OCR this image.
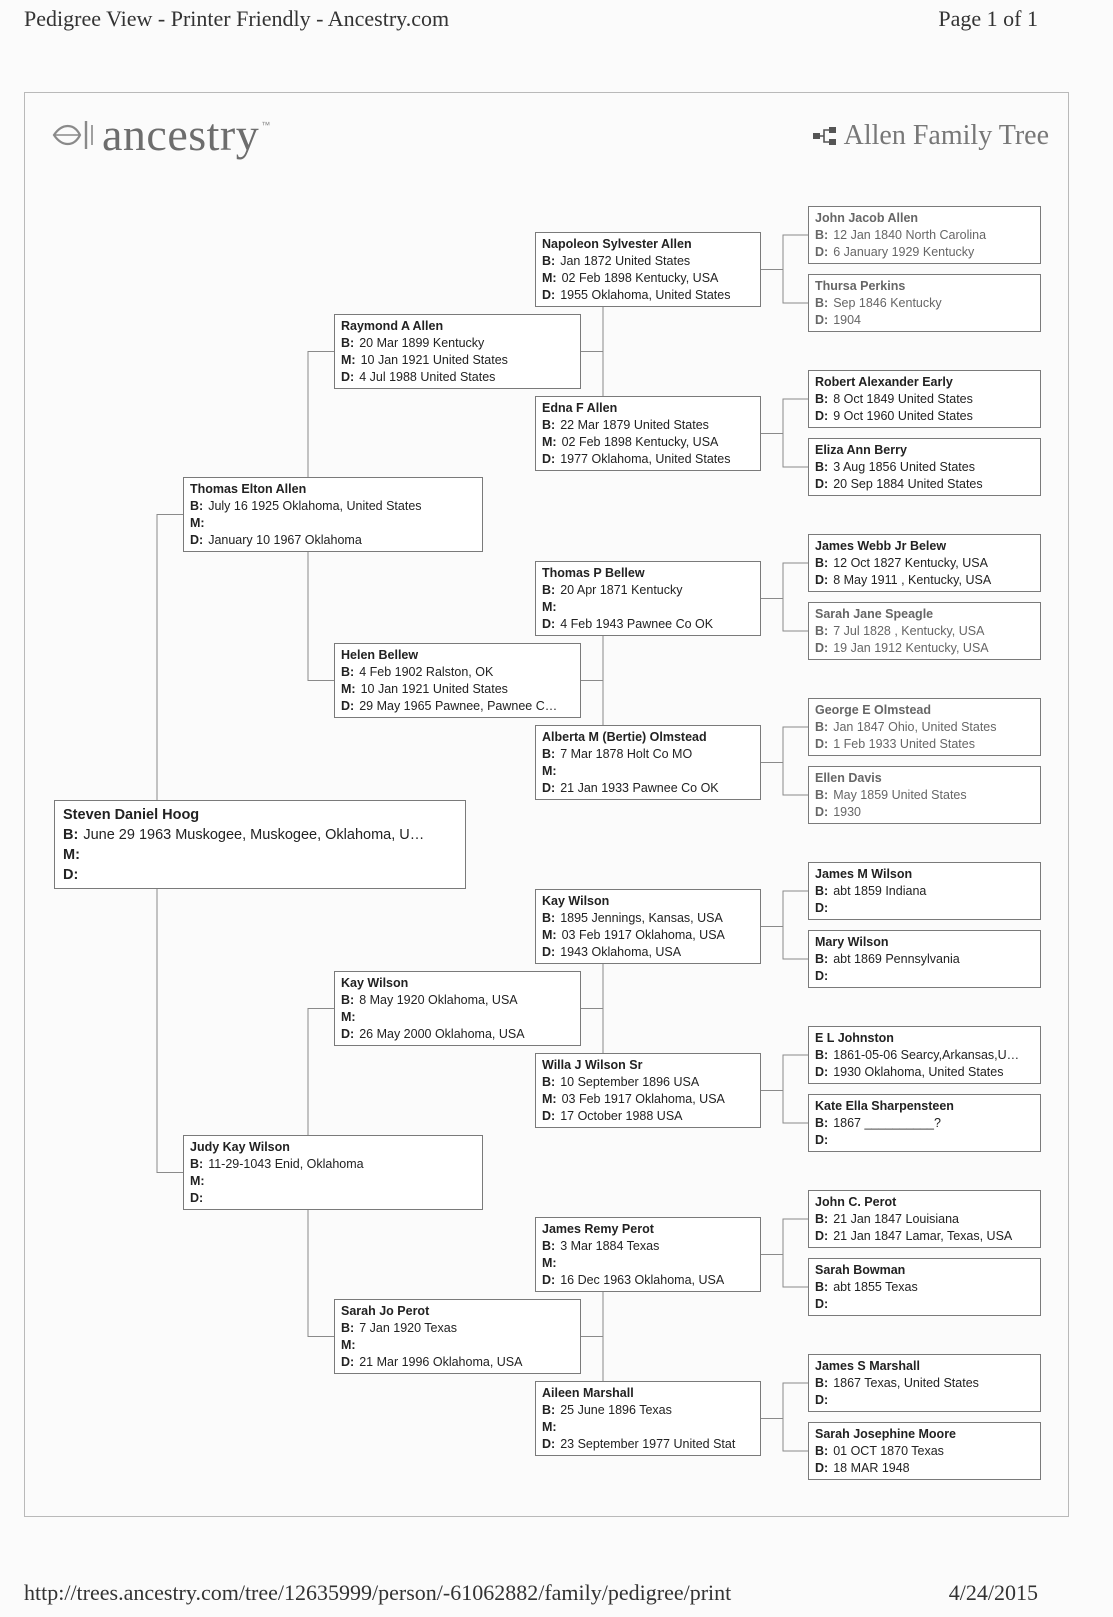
Pedigree View - Printer Friendly - Ancestry.com	Page 1 of 1
ancestry ™	Allen Family Tree
Steven Daniel Hoog
B: June 29 1963 Muskogee, Muskogee, Oklahoma, U…
M:
D:
Thomas Elton Allen
B: July 16 1925 Oklahoma, United States
M:
D: January 10 1967 Oklahoma
Judy Kay Wilson
B: 11-29-1043 Enid, Oklahoma
M:
D:
Raymond A Allen
B: 20 Mar 1899 Kentucky
M: 10 Jan 1921 United States
D: 4 Jul 1988 United States
Helen Bellew
B: 4 Feb 1902 Ralston, OK
M: 10 Jan 1921 United States
D: 29 May 1965 Pawnee, Pawnee C…
Kay Wilson
B: 8 May 1920 Oklahoma, USA
M:
D: 26 May 2000 Oklahoma, USA
Sarah Jo Perot
B: 7 Jan 1920 Texas
M:
D: 21 Mar 1996 Oklahoma, USA
Napoleon Sylvester Allen
B: Jan 1872 United States
M: 02 Feb 1898 Kentucky, USA
D: 1955 Oklahoma, United States
Edna F Allen
B: 22 Mar 1879 United States
M: 02 Feb 1898 Kentucky, USA
D: 1977 Oklahoma, United States
Thomas P Bellew
B: 20 Apr 1871 Kentucky
M:
D: 4 Feb 1943 Pawnee Co OK
Alberta M (Bertie) Olmstead
B: 7 Mar 1878 Holt Co MO
M:
D: 21 Jan 1933 Pawnee Co OK
Kay Wilson
B: 1895 Jennings, Kansas, USA
M: 03 Feb 1917 Oklahoma, USA
D: 1943 Oklahoma, USA
Willa J Wilson Sr
B: 10 September 1896 USA
M: 03 Feb 1917 Oklahoma, USA
D: 17 October 1988 USA
James Remy Perot
B: 3 Mar 1884 Texas
M:
D: 16 Dec 1963 Oklahoma, USA
Aileen Marshall
B: 25 June 1896 Texas
M:
D: 23 September 1977 United Stat
John Jacob Allen
B: 12 Jan 1840 North Carolina
D: 6 January 1929 Kentucky
Thursa Perkins
B: Sep 1846 Kentucky
D: 1904
Robert Alexander Early
B: 8 Oct 1849 United States
D: 9 Oct 1960 United States
Eliza Ann Berry
B: 3 Aug 1856 United States
D: 20 Sep 1884 United States
James Webb Jr Belew
B: 12 Oct 1827 Kentucky, USA
D: 8 May 1911 , Kentucky, USA
Sarah Jane Speagle
B: 7 Jul 1828 , Kentucky, USA
D: 19 Jan 1912 Kentucky, USA
George E Olmstead
B: Jan 1847 Ohio, United States
D: 1 Feb 1933 United States
Ellen Davis
B: May 1859 United States
D: 1930
James M Wilson
B: abt 1859 Indiana
D:
Mary Wilson
B: abt 1869 Pennsylvania
D:
E L Johnston
B: 1861-05-06 Searcy,Arkansas,U…
D: 1930 Oklahoma, United States
Kate Ella Sharpensteen
B: 1867 __________?
D:
John C. Perot
B: 21 Jan 1847 Louisiana
D: 21 Jan 1847 Lamar, Texas, USA
Sarah Bowman
B: abt 1855 Texas
D:
James S Marshall
B: 1867 Texas, United States
D:
Sarah Josephine Moore
B: 01 OCT 1870 Texas
D: 18 MAR 1948
http://trees.ancestry.com/tree/12635999/person/-61062882/family/pedigree/print	4/24/2015
